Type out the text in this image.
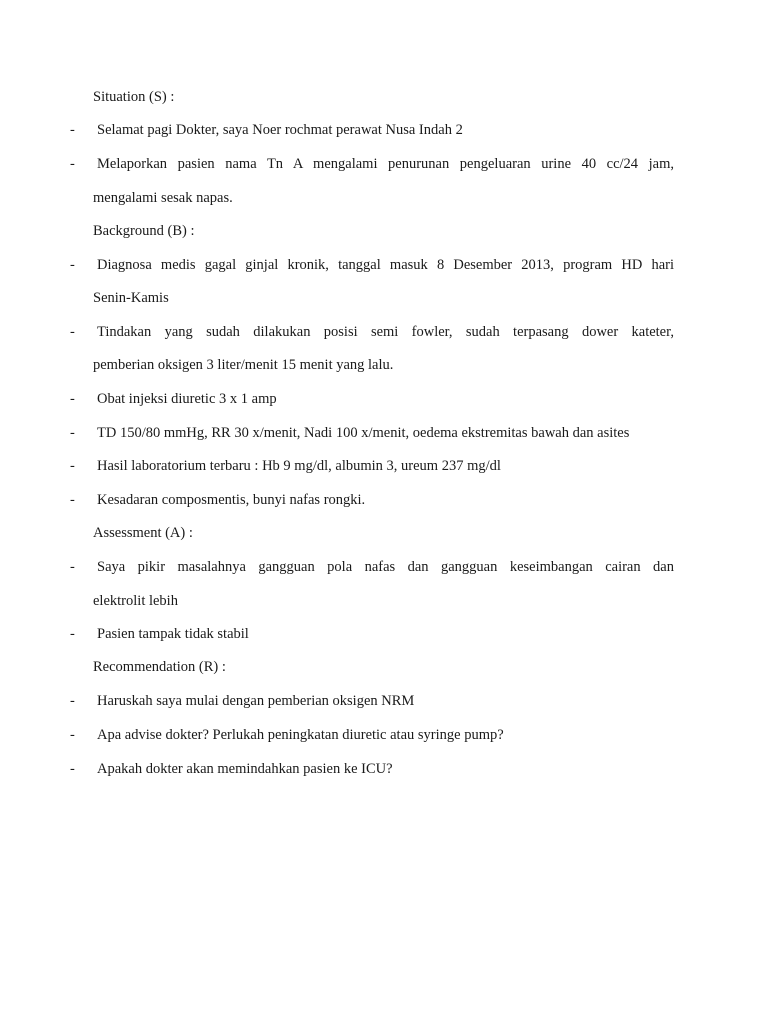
Situation (S) :

- Selamat pagi Dokter, saya Noer rochmat perawat Nusa Indah 2
- Melaporkan pasien nama Tn A mengalami penurunan pengeluaran urine 40 cc/24 jam,
mengalami sesak napas.

Background (B) :

- Diagnosa medis gagal ginjal kronik, tanggal masuk 8 Desember 2013, program HD hari
Senin-Kamis
- Tindakan yang sudah dilakukan posisi semi fowler, sudah terpasang dower kateter,
pemberian oksigen 3 liter/menit 15 menit yang lalu.
- Obat injeksi diuretic 3 x 1 amp
- TD 150/80 mmHg, RR 30 x/menit, Nadi 100 x/menit, oedema ekstremitas bawah dan asites
- Hasil laboratorium terbaru : Hb 9 mg/dl, albumin 3, ureum 237 mg/dl
- Kesadaran composmentis, bunyi nafas rongki.

Assessment (A) :

- Saya pikir masalahnya gangguan pola nafas dan gangguan keseimbangan cairan dan
elektrolit lebih
- Pasien tampak tidak stabil

Recommendation (R) :

- Haruskah saya mulai dengan pemberian oksigen NRM
- Apa advise dokter? Perlukah peningkatan diuretic atau syringe pump?
- Apakah dokter akan memindahkan pasien ke ICU?
